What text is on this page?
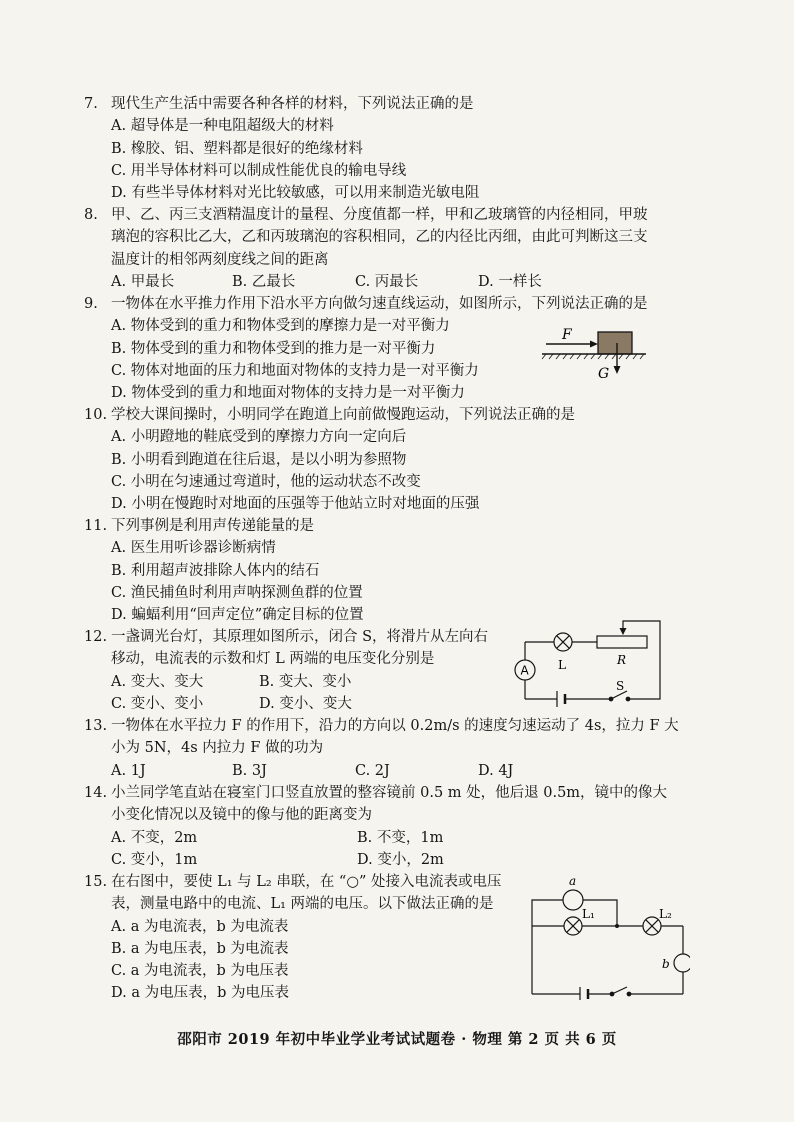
7. 现代生产生活中需要各种各样的材料，下列说法正确的是
A. 超导体是一种电阻超级大的材料
B. 橡胶、铝、塑料都是很好的绝缘材料
C. 用半导体材料可以制成性能优良的输电导线
D. 有些半导体材料对光比较敏感，可以用来制造光敏电阻
8. 甲、乙、丙三支酒精温度计的量程、分度值都一样，甲和乙玻璃管的内径相同，甲玻
璃泡的容积比乙大，乙和丙玻璃泡的容积相同，乙的内径比丙细，由此可判断这三支
温度计的相邻两刻度线之间的距离
A. 甲最长	B. 乙最长	C. 丙最长	D. 一样长
9. 一物体在水平推力作用下沿水平方向做匀速直线运动，如图所示，下列说法正确的是
A. 物体受到的重力和物体受到的摩擦力是一对平衡力
B. 物体受到的重力和物体受到的推力是一对平衡力
C. 物体对地面的压力和地面对物体的支持力是一对平衡力
D. 物体受到的重力和地面对物体的支持力是一对平衡力
F
G
10. 学校大课间操时，小明同学在跑道上向前做慢跑运动，下列说法正确的是
A. 小明蹬地的鞋底受到的摩擦力方向一定向后
B. 小明看到跑道在往后退，是以小明为参照物
C. 小明在匀速通过弯道时，他的运动状态不改变
D. 小明在慢跑时对地面的压强等于他站立时对地面的压强
11. 下列事例是利用声传递能量的是
A. 医生用听诊器诊断病情
B. 利用超声波排除人体内的结石
C. 渔民捕鱼时利用声呐探测鱼群的位置
D. 蝙蝠利用“回声定位”确定目标的位置
12. 一盏调光台灯，其原理如图所示，闭合 S，将滑片从左向右
移动，电流表的示数和灯 L 两端的电压变化分别是
A. 变大、变大	B. 变大、变小
C. 变小、变小	D. 变小、变大
L	R
A
S
13. 一物体在水平拉力 F 的作用下，沿力的方向以 0.2m/s 的速度匀速运动了 4s，拉力 F 大
小为 5N，4s 内拉力 F 做的功为
A. 1J	B. 3J	C. 2J	D. 4J
14. 小兰同学笔直站在寝室门口竖直放置的整容镜前 0.5 m 处，他后退 0.5m，镜中的像大
小变化情况以及镜中的像与他的距离变为
A. 不变，2m	B. 不变，1m
C. 变小，1m	D. 变小，2m
15. 在右图中，要使 L₁ 与 L₂ 串联，在 “○” 处接入电流表或电压
表，测量电路中的电流、L₁ 两端的电压。以下做法正确的是
A. a 为电流表，b 为电流表
B. a 为电压表，b 为电流表
C. a 为电流表，b 为电压表
D. a 为电压表，b 为电压表
a
L₁	L₂
b
邵阳市 2019 年初中毕业学业考试试题卷 · 物理 第 2 页 共 6 页
